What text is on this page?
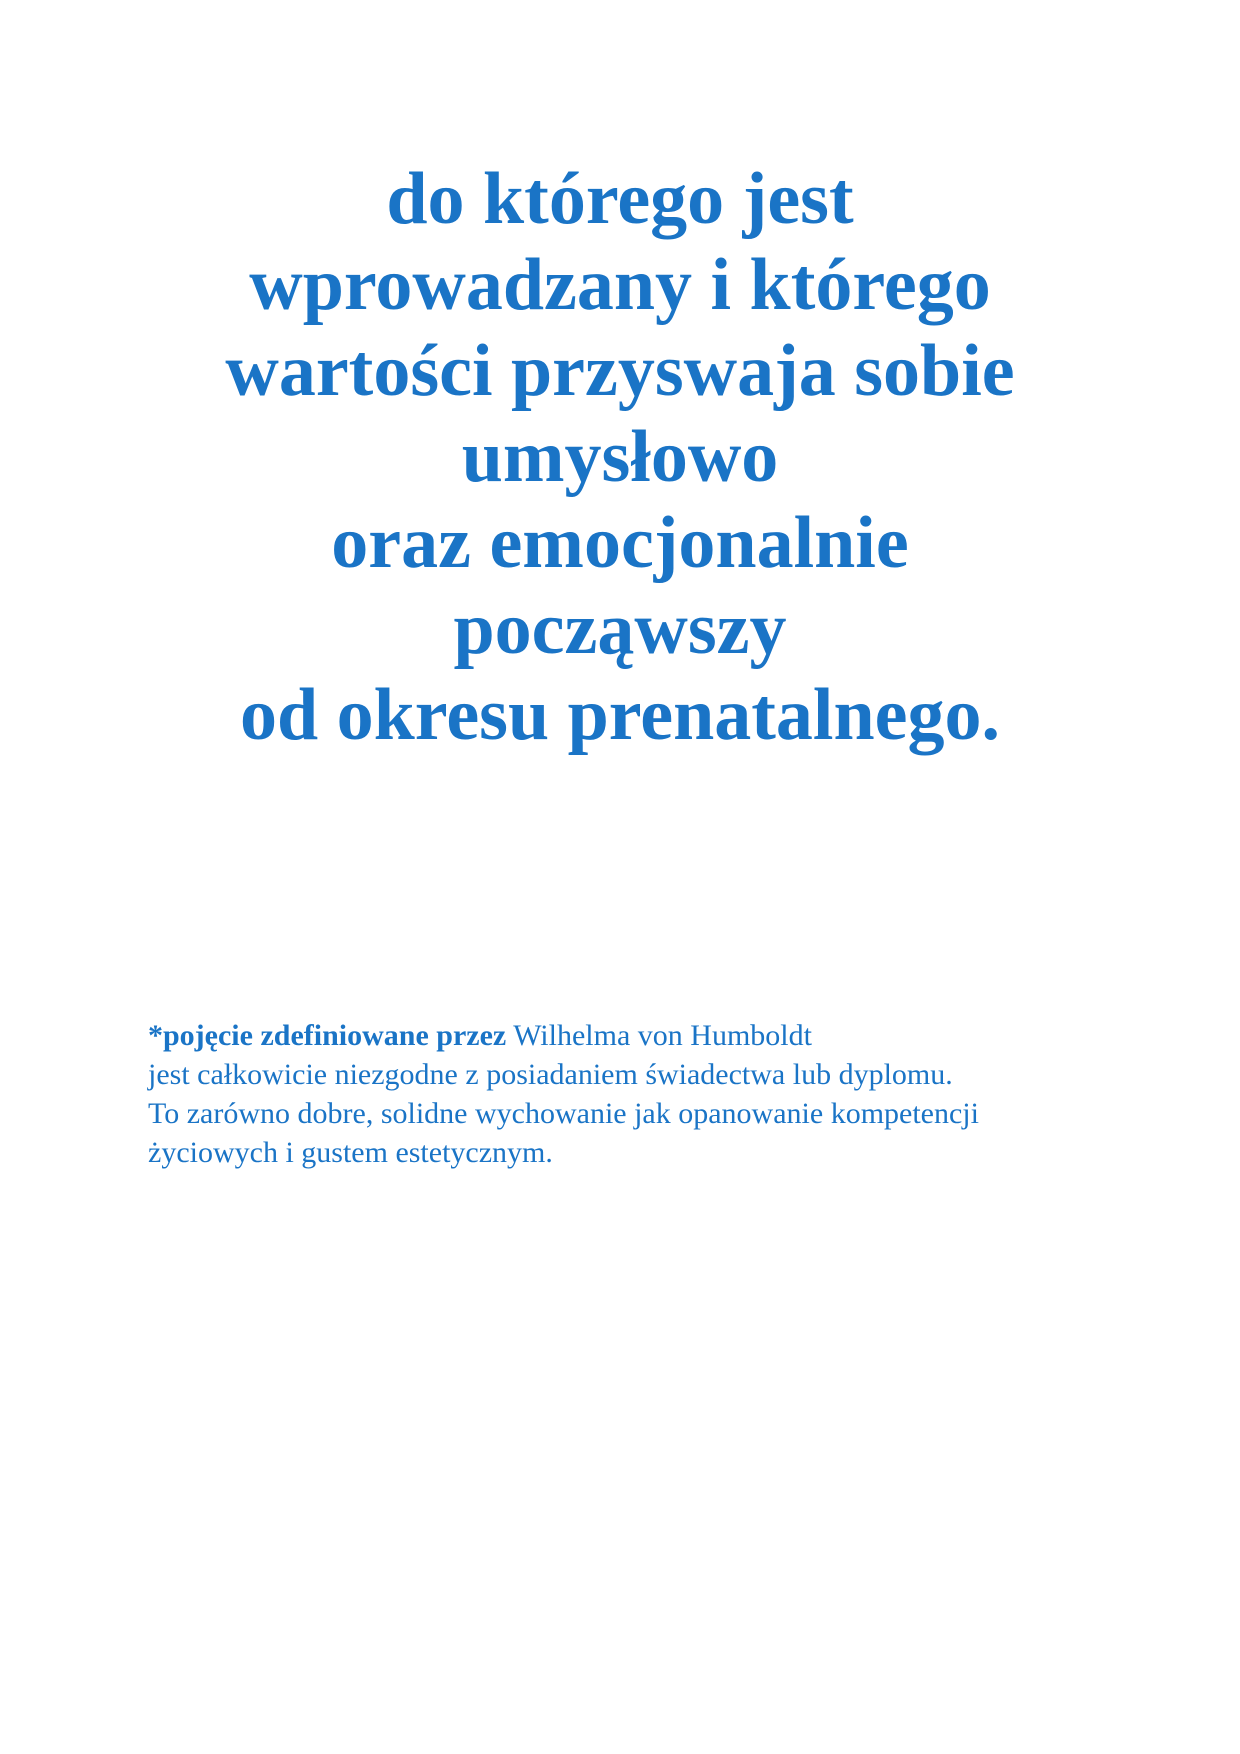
do którego jest
wprowadzany i którego
wartości przyswaja sobie
umysłowo
oraz emocjonalnie
począwszy
od okresu prenatalnego.

*pojęcie zdefiniowane przez Wilhelma von Humboldt
jest całkowicie niezgodne z posiadaniem świadectwa lub dyplomu.
To zarówno dobre, solidne wychowanie jak opanowanie kompetencji
życiowych i gustem estetycznym.
